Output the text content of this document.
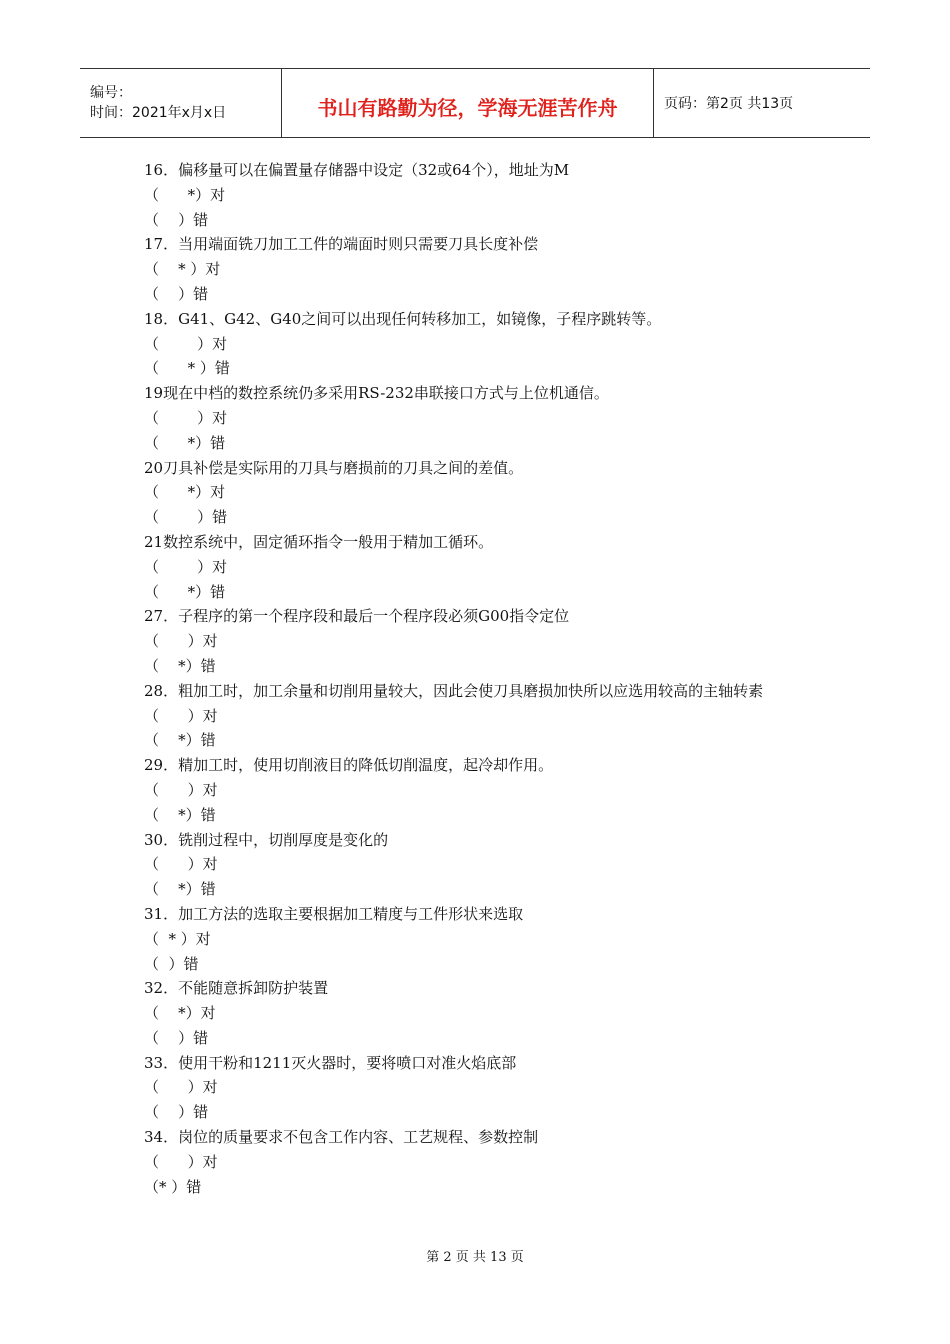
编号：
时间：2021年x月x日	书山有路勤为径，学海无涯苦作舟	页码：第2页 共13页
16．偏移量可以在偏置量存储器中设定（32或64个），地址为M
（      *）对
（    ）错
17．当用端面铣刀加工工件的端面时则只需要刀具长度补偿
（    * ）对
（    ）错
18．G41、G42、G40之间可以出现任何转移加工，如镜像，子程序跳转等。
（        ）对
（      * ）错
19现在中档的数控系统仍多采用RS-232串联接口方式与上位机通信。
（        ）对
（      *）错
20刀具补偿是实际用的刀具与磨损前的刀具之间的差值。
（      *）对
（        ）错
21数控系统中，固定循环指令一般用于精加工循环。
（        ）对
（      *）错
27．子程序的第一个程序段和最后一个程序段必须G00指令定位
（      ）对
（    *）错
28．粗加工时，加工余量和切削用量较大，因此会使刀具磨损加快所以应选用较高的主轴转素
（      ）对
（    *）错
29．精加工时，使用切削液目的降低切削温度，起冷却作用。
（      ）对
（    *）错
30．铣削过程中，切削厚度是变化的
（      ）对
（    *）错
31．加工方法的选取主要根据加工精度与工件形状来选取
（  * ）对
（  ）错
32．不能随意拆卸防护装置
（    *）对
（    ）错
33．使用干粉和1211灭火器时，要将喷口对准火焰底部
（      ）对
（    ）错
34．岗位的质量要求不包含工作内容、工艺规程、参数控制
（      ）对
（* ）错
第 2 页 共 13 页
